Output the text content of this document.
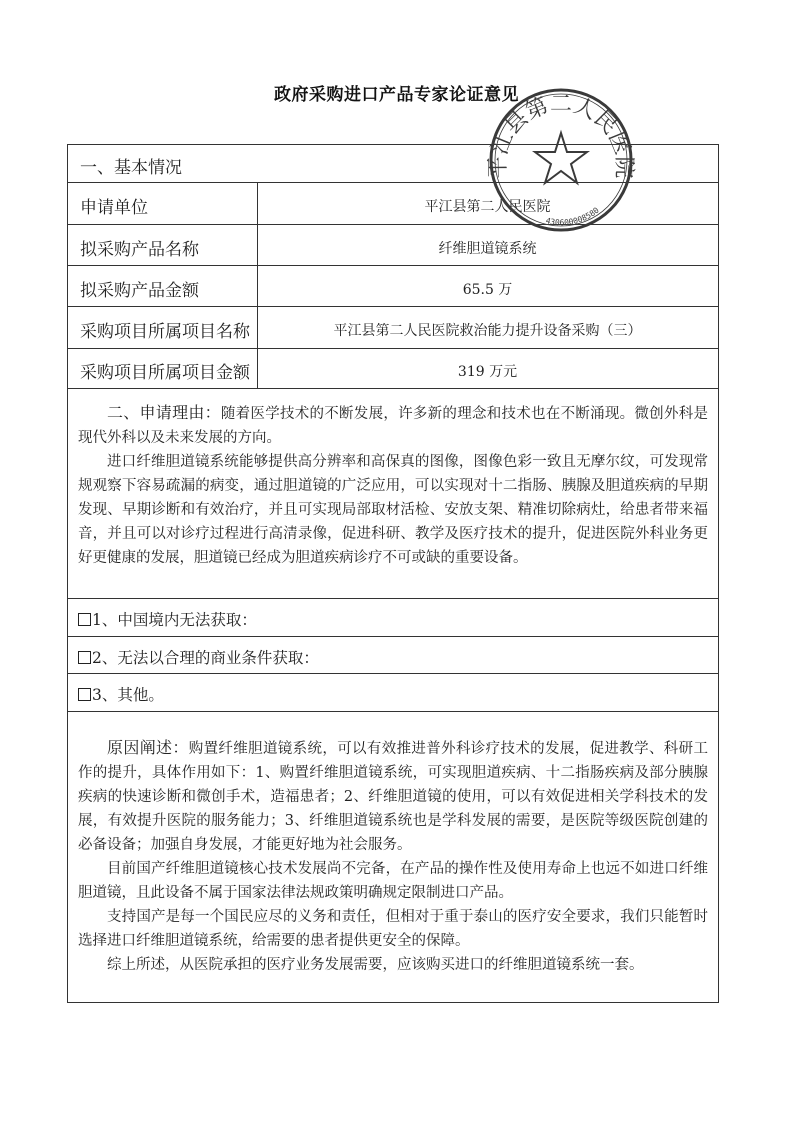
政府采购进口产品专家论证意见
一、基本情况
申请单位	平江县第二人民医院
拟采购产品名称	纤维胆道镜系统
拟采购产品金额	65.5 万
采购项目所属项目名称	平江县第二人民医院救治能力提升设备采购（三）
采购项目所属项目金额	319 万元

二、申请理由：随着医学技术的不断发展，许多新的理念和技术也在不断涌现。微创外科是现代外科以及未来发展的方向。

进口纤维胆道镜系统能够提供高分辨率和高保真的图像，图像色彩一致且无摩尔纹，可发现常规观察下容易疏漏的病变，通过胆道镜的广泛应用，可以实现对十二指肠、胰腺及胆道疾病的早期发现、早期诊断和有效治疗，并且可实现局部取材活检、安放支架、精准切除病灶，给患者带来福音，并且可以对诊疗过程进行高清录像，促进科研、教学及医疗技术的提升，促进医院外科业务更好更健康的发展，胆道镜已经成为胆道疾病诊疗不可或缺的重要设备。

1、中国境内无法获取：
2、无法以合理的商业条件获取：
3、其他。

原因阐述：购置纤维胆道镜系统，可以有效推进普外科诊疗技术的发展，促进教学、科研工作的提升，具体作用如下：1、购置纤维胆道镜系统，可实现胆道疾病、十二指肠疾病及部分胰腺疾病的快速诊断和微创手术，造福患者；2、纤维胆道镜的使用，可以有效促进相关学科技术的发展，有效提升医院的服务能力；3、纤维胆道镜系统也是学科发展的需要，是医院等级医院创建的必备设备；加强自身发展，才能更好地为社会服务。

目前国产纤维胆道镜核心技术发展尚不完备，在产品的操作性及使用寿命上也远不如进口纤维胆道镜，且此设备不属于国家法律法规政策明确规定限制进口产品。

支持国产是每一个国民应尽的义务和责任，但相对于重于泰山的医疗安全要求，我们只能暂时选择进口纤维胆道镜系统，给需要的患者提供更安全的保障。

综上所述，从医院承担的医疗业务发展需要，应该购买进口的纤维胆道镜系统一套。

平江县第二人民医院
430600008580
